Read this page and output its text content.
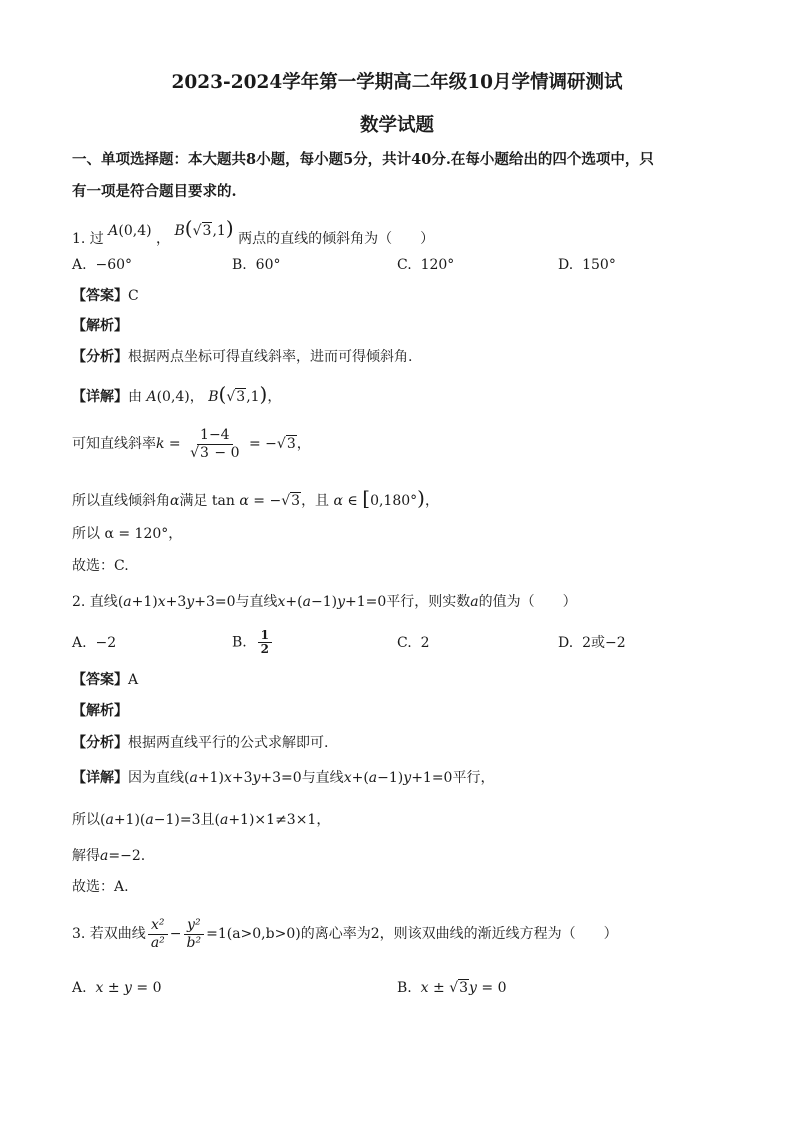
2023-2024学年第一学期高二年级10月学情调研测试
数学试题
一、单项选择题：本大题共8小题，每小题5分，共计40分.在每小题给出的四个选项中，只
有一项是符合题目要求的.
1. 过 A(0,4) ， B(√3,1) 两点的直线的倾斜角为（　　）
A. −60°	B. 60°	C. 120°	D. 150°
【答案】C
【解析】
【分析】根据两点坐标可得直线斜率，进而可得倾斜角.
【详解】由 A(0,4)， B(√3,1)，
可知直线斜率$k = \frac{1-4}{√3 - 0} = -√3$，
所以直线倾斜角α满足 tan α = −√3，且 α ∈ [0,180°)，
所以 α = 120°，
故选：C.
2. 直线(a+1)x+3y+3=0与直线x+(a−1)y+1=0平行，则实数a的值为（　　）
A. −2	B. $\frac{1}{2}$	C. 2	D. 2或−2
【答案】A
【解析】
【分析】根据两直线平行的公式求解即可.
【详解】因为直线(a+1)x+3y+3=0与直线x+(a−1)y+1=0平行，
所以(a+1)(a−1)=3且(a+1)×1≠3×1，
解得a=−2.
故选：A.
3. 若双曲线 $\frac{\text{x²}}{\text{a²}} - \frac{\text{y²}}{\text{b²}} =1(a>0,b>0)$的离心率为2，则该双曲线的渐近线方程为（　　）
A. x ± y = 0	B. x ± √3y = 0
